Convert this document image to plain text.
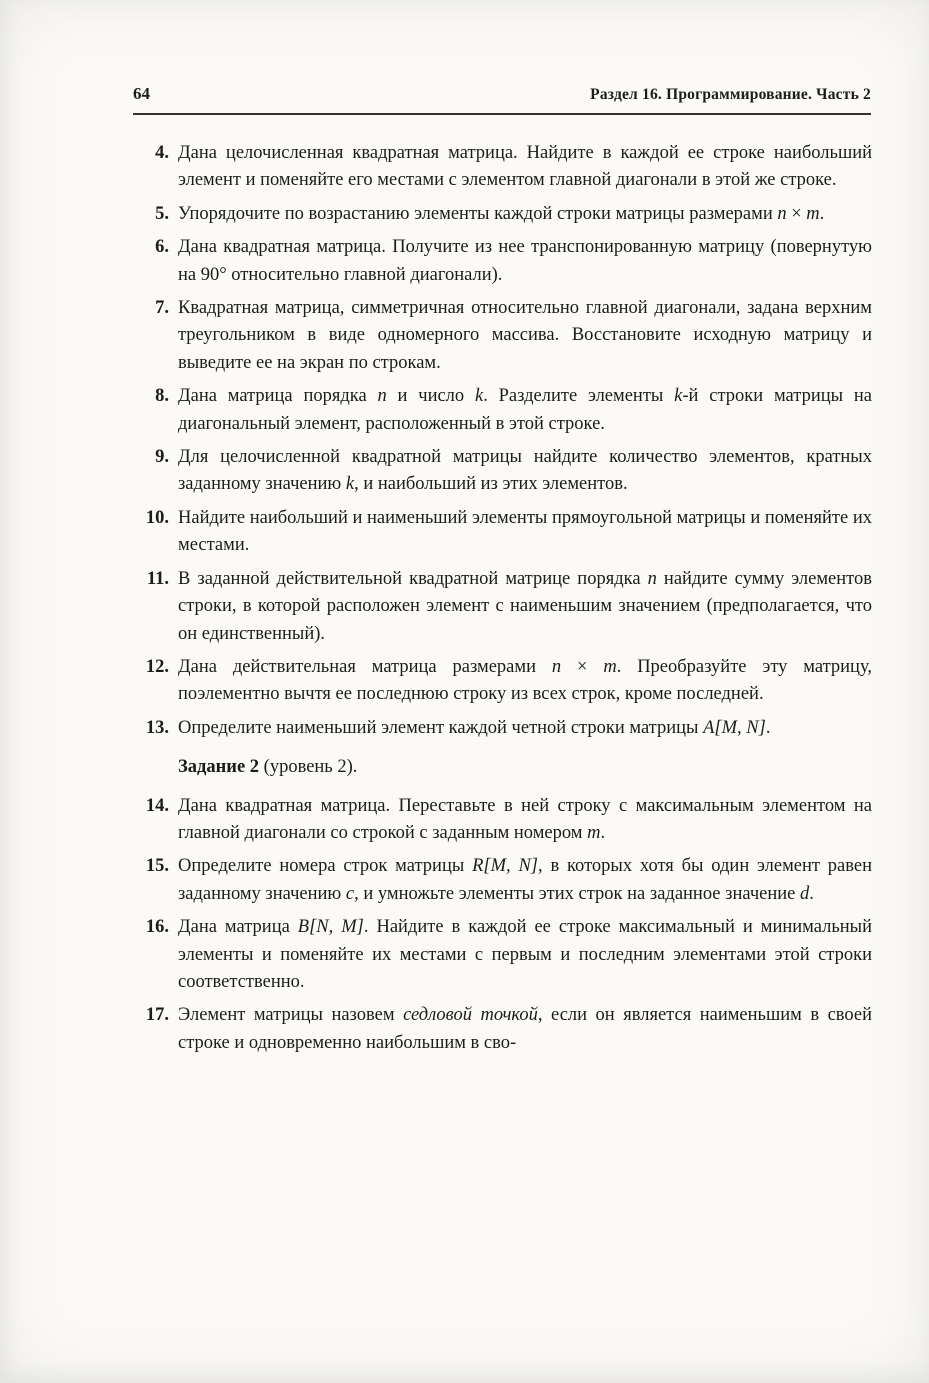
64	Раздел 16. Программирование. Часть 2
4. Дана целочисленная квадратная матрица. Найдите в каждой ее строке наибольший элемент и поменяйте его местами с элементом главной диагонали в этой же строке.
5. Упорядочите по возрастанию элементы каждой строки матрицы размерами n × m.
6. Дана квадратная матрица. Получите из нее транспонированную матрицу (повернутую на 90° относительно главной диагонали).
7. Квадратная матрица, симметричная относительно главной диагонали, задана верхним треугольником в виде одномерного массива. Восстановите исходную матрицу и выведите ее на экран по строкам.
8. Дана матрица порядка n и число k. Разделите элементы k-й строки матрицы на диагональный элемент, расположенный в этой строке.
9. Для целочисленной квадратной матрицы найдите количество элементов, кратных заданному значению k, и наибольший из этих элементов.
10. Найдите наибольший и наименьший элементы прямоугольной матрицы и поменяйте их местами.
11. В заданной действительной квадратной матрице порядка n найдите сумму элементов строки, в которой расположен элемент с наименьшим значением (предполагается, что он единственный).
12. Дана действительная матрица размерами n × m. Преобразуйте эту матрицу, поэлементно вычтя ее последнюю строку из всех строк, кроме последней.
13. Определите наименьший элемент каждой четной строки матрицы A[M, N].
Задание 2 (уровень 2).
14. Дана квадратная матрица. Переставьте в ней строку с максимальным элементом на главной диагонали со строкой с заданным номером m.
15. Определите номера строк матрицы R[M, N], в которых хотя бы один элемент равен заданному значению c, и умножьте элементы этих строк на заданное значение d.
16. Дана матрица B[N, M]. Найдите в каждой ее строке максимальный и минимальный элементы и поменяйте их местами с первым и последним элементами этой строки соответственно.
17. Элемент матрицы назовем седловой точкой, если он является наименьшим в своей строке и одновременно наибольшим в сво-
